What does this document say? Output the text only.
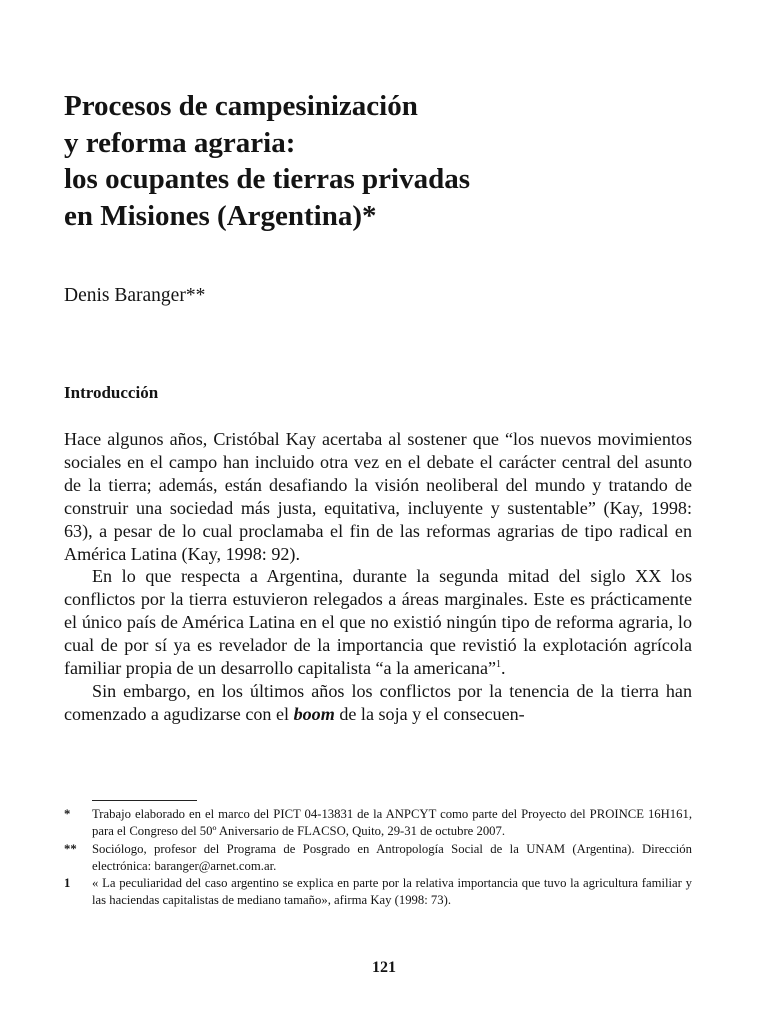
Procesos de campesinización
y reforma agraria:
los ocupantes de tierras privadas
en Misiones (Argentina)*
Denis Baranger**
Introducción

Hace algunos años, Cristóbal Kay acertaba al sostener que “los nuevos movimientos sociales en el campo han incluido otra vez en el debate el carácter central del asunto de la tierra; además, están desafiando la visión neoliberal del mundo y tratando de construir una sociedad más justa, equitativa, incluyente y sustentable” (Kay, 1998: 63), a pesar de lo cual proclamaba el fin de las reformas agrarias de tipo radical en América Latina (Kay, 1998: 92).

En lo que respecta a Argentina, durante la segunda mitad del siglo XX los conflictos por la tierra estuvieron relegados a áreas marginales. Este es prácticamente el único país de América Latina en el que no existió ningún tipo de reforma agraria, lo cual de por sí ya es revelador de la importancia que revistió la explotación agrícola familiar propia de un desarrollo capitalista “a la americana”$^1$.

Sin embargo, en los últimos años los conflictos por la tenencia de la tierra han comenzado a agudizarse con el boom de la soja y el consecuen-

*	Trabajo elaborado en el marco del PICT 04-13831 de la ANPCYT como parte del Proyecto del PROINCE 16H161, para el Congreso del 50º Aniversario de FLACSO, Quito, 29-31 de octubre 2007.
**	Sociólogo, profesor del Programa de Posgrado en Antropología Social de la UNAM (Argentina). Dirección electrónica: baranger@arnet.com.ar.
1	« La peculiaridad del caso argentino se explica en parte por la relativa importancia que tuvo la agricultura familiar y las haciendas capitalistas de mediano tamaño», afirma Kay (1998: 73).
121
